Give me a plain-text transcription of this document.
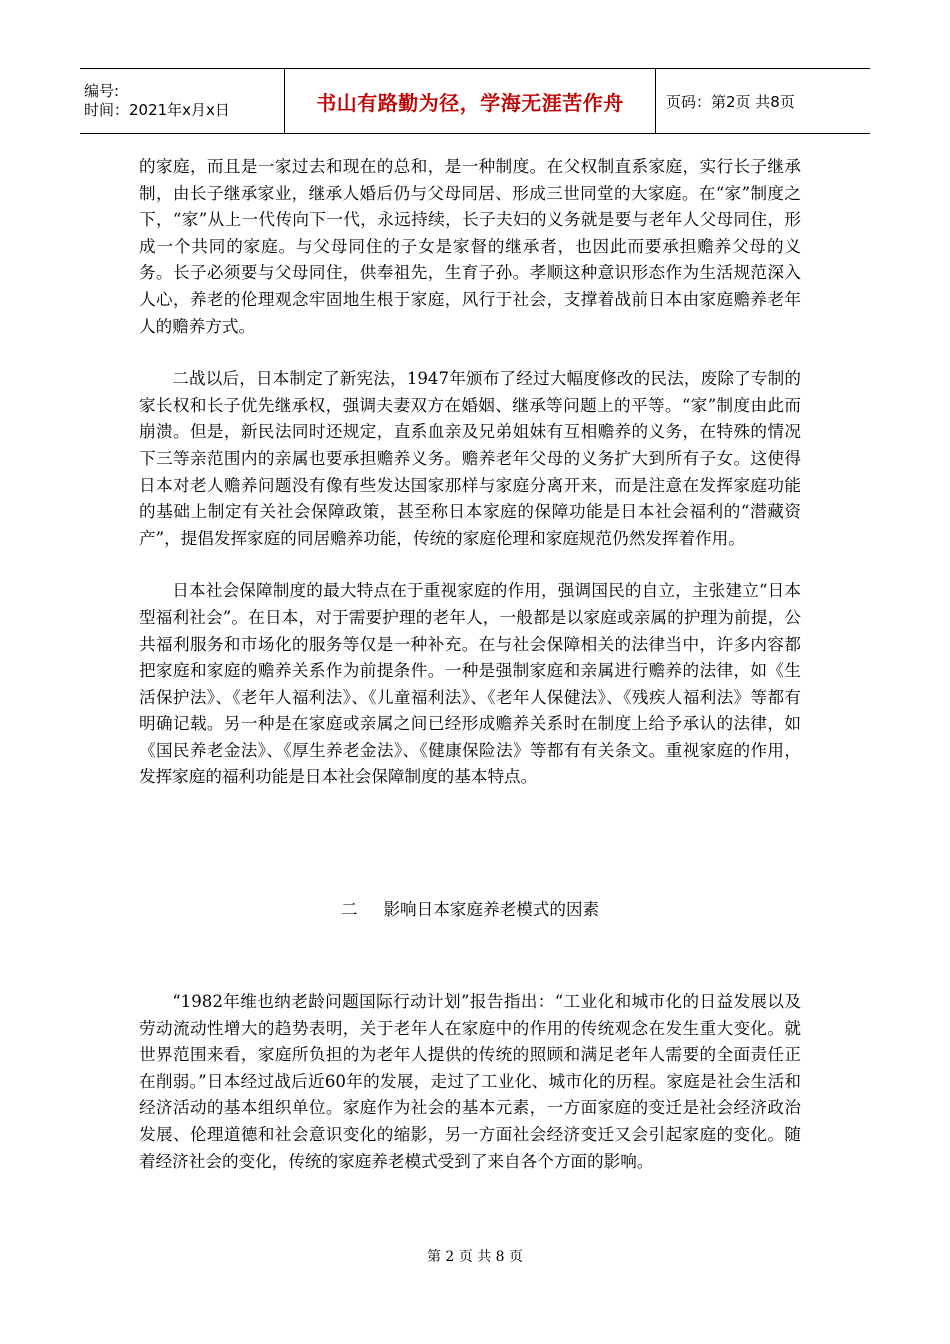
编号:
时间：2021年x月x日	书山有路勤为径，学海无涯苦作舟	页码：第2页 共8页

的家庭，而且是一家过去和现在的总和，是一种制度。在父权制直系家庭，实行长子继承制，由长子继承家业，继承人婚后仍与父母同居、形成三世同堂的大家庭。在“家”制度之下，“家”从上一代传向下一代，永远持续，长子夫妇的义务就是要与老年人父母同住，形成一个共同的家庭。与父母同住的子女是家督的继承者，也因此而要承担赡养父母的义务。长子必须要与父母同住，供奉祖先，生育子孙。孝顺这种意识形态作为生活规范深入人心，养老的伦理观念牢固地生根于家庭，风行于社会，支撑着战前日本由家庭赡养老年人的赡养方式。

二战以后，日本制定了新宪法，1947年颁布了经过大幅度修改的民法，废除了专制的家长权和长子优先继承权，强调夫妻双方在婚姻、继承等问题上的平等。“家”制度由此而崩溃。但是，新民法同时还规定，直系血亲及兄弟姐妹有互相赡养的义务，在特殊的情况下三等亲范围内的亲属也要承担赡养义务。赡养老年父母的义务扩大到所有子女。这使得日本对老人赡养问题没有像有些发达国家那样与家庭分离开来，而是注意在发挥家庭功能的基础上制定有关社会保障政策，甚至称日本家庭的保障功能是日本社会福利的“潜藏资产”，提倡发挥家庭的同居赡养功能，传统的家庭伦理和家庭规范仍然发挥着作用。

日本社会保障制度的最大特点在于重视家庭的作用，强调国民的自立，主张建立“日本型福利社会”。在日本，对于需要护理的老年人，一般都是以家庭或亲属的护理为前提，公共福利服务和市场化的服务等仅是一种补充。在与社会保障相关的法律当中，许多内容都把家庭和家庭的赡养关系作为前提条件。一种是强制家庭和亲属进行赡养的法律，如《生活保护法》、《老年人福利法》、《儿童福利法》、《老年人保健法》、《残疾人福利法》等都有明确记载。另一种是在家庭或亲属之间已经形成赡养关系时在制度上给予承认的法律，如《国民养老金法》、《厚生养老金法》、《健康保险法》等都有有关条文。重视家庭的作用，发挥家庭的福利功能是日本社会保障制度的基本特点。

二 影响日本家庭养老模式的因素

“1982年维也纳老龄问题国际行动计划”报告指出：“工业化和城市化的日益发展以及劳动流动性增大的趋势表明，关于老年人在家庭中的作用的传统观念在发生重大变化。就世界范围来看，家庭所负担的为老年人提供的传统的照顾和满足老年人需要的全面责任正在削弱。”日本经过战后近60年的发展，走过了工业化、城市化的历程。家庭是社会生活和经济活动的基本组织单位。家庭作为社会的基本元素，一方面家庭的变迁是社会经济政治发展、伦理道德和社会意识变化的缩影，另一方面社会经济变迁又会引起家庭的变化。随着经济社会的变化，传统的家庭养老模式受到了来自各个方面的影响。

第 2 页 共 8 页
